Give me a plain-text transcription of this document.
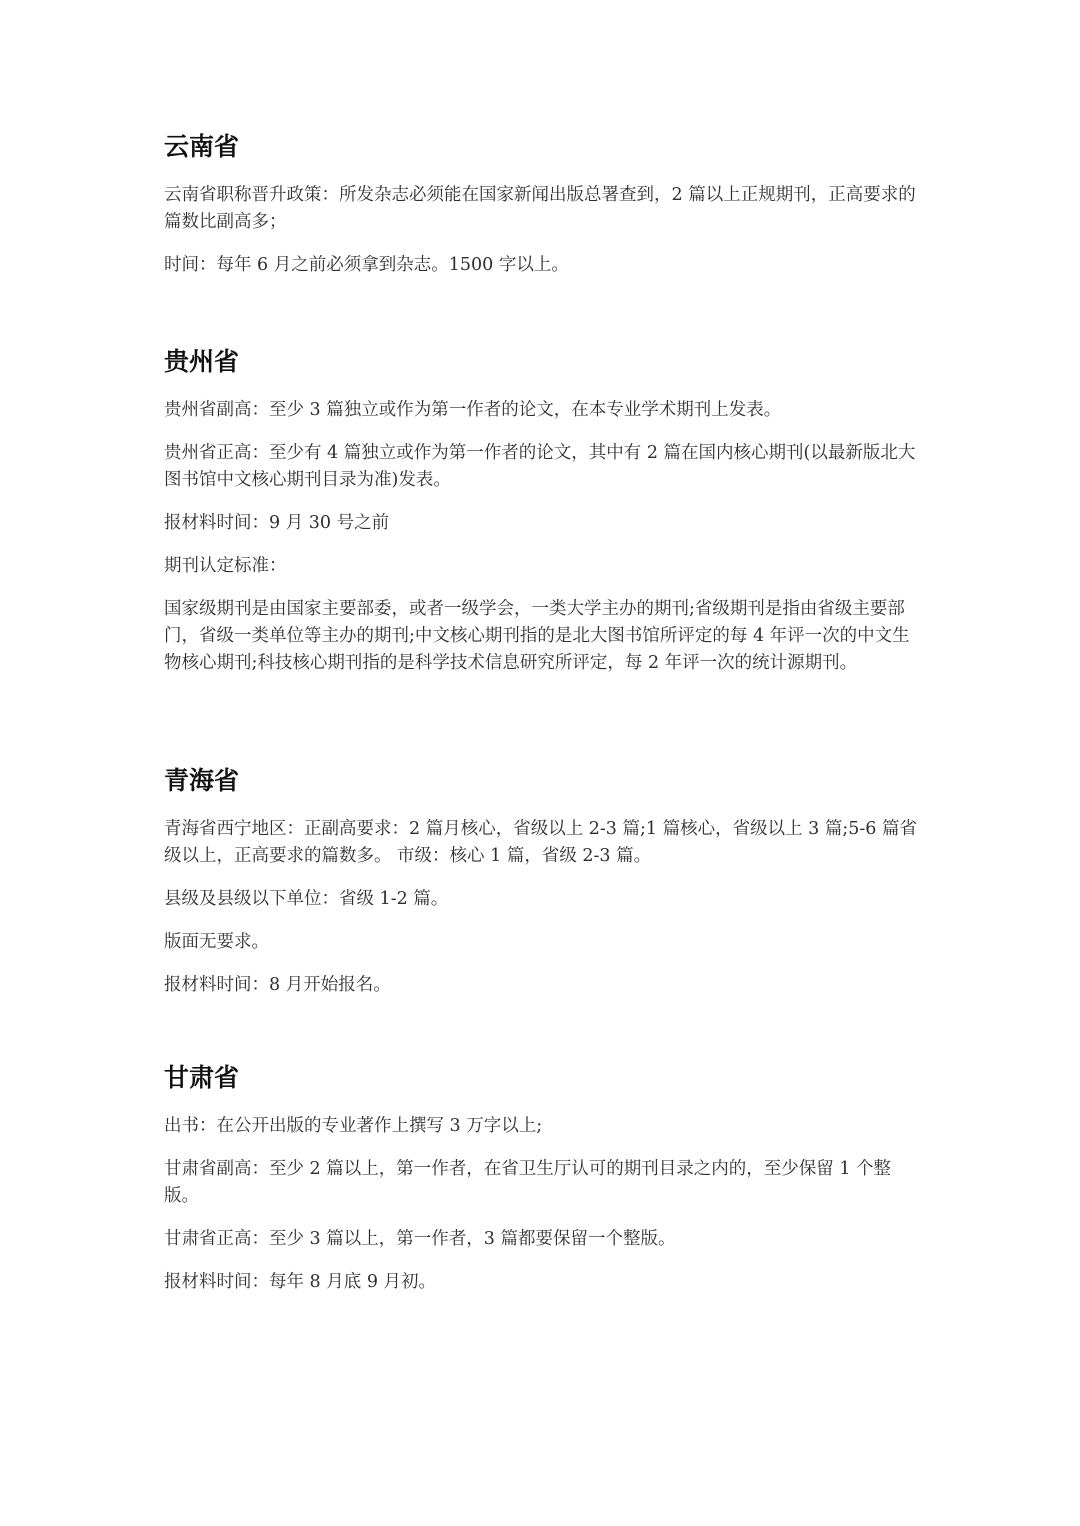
云南省

云南省职称晋升政策：所发杂志必须能在国家新闻出版总署查到，2 篇以上正规期刊，正高要求的篇数比副高多；

时间：每年 6 月之前必须拿到杂志。1500 字以上。

贵州省

贵州省副高：至少 3 篇独立或作为第一作者的论文，在本专业学术期刊上发表。

贵州省正高：至少有 4 篇独立或作为第一作者的论文，其中有 2 篇在国内核心期刊(以最新版北大图书馆中文核心期刊目录为准)发表。

报材料时间：9 月 30 号之前

期刊认定标准：

国家级期刊是由国家主要部委，或者一级学会，一类大学主办的期刊;省级期刊是指由省级主要部门，省级一类单位等主办的期刊;中文核心期刊指的是北大图书馆所评定的每 4 年评一次的中文生物核心期刊;科技核心期刊指的是科学技术信息研究所评定，每 2 年评一次的统计源期刊。

青海省

青海省西宁地区：正副高要求：2 篇月核心，省级以上 2-3 篇;1 篇核心，省级以上 3 篇;5-6 篇省级以上，正高要求的篇数多。 市级：核心 1 篇，省级 2-3 篇。

县级及县级以下单位：省级 1-2 篇。

版面无要求。

报材料时间：8 月开始报名。

甘肃省

出书：在公开出版的专业著作上撰写 3 万字以上;

甘肃省副高：至少 2 篇以上，第一作者，在省卫生厅认可的期刊目录之内的，至少保留 1 个整版。

甘肃省正高：至少 3 篇以上，第一作者，3 篇都要保留一个整版。

报材料时间：每年 8 月底 9 月初。
